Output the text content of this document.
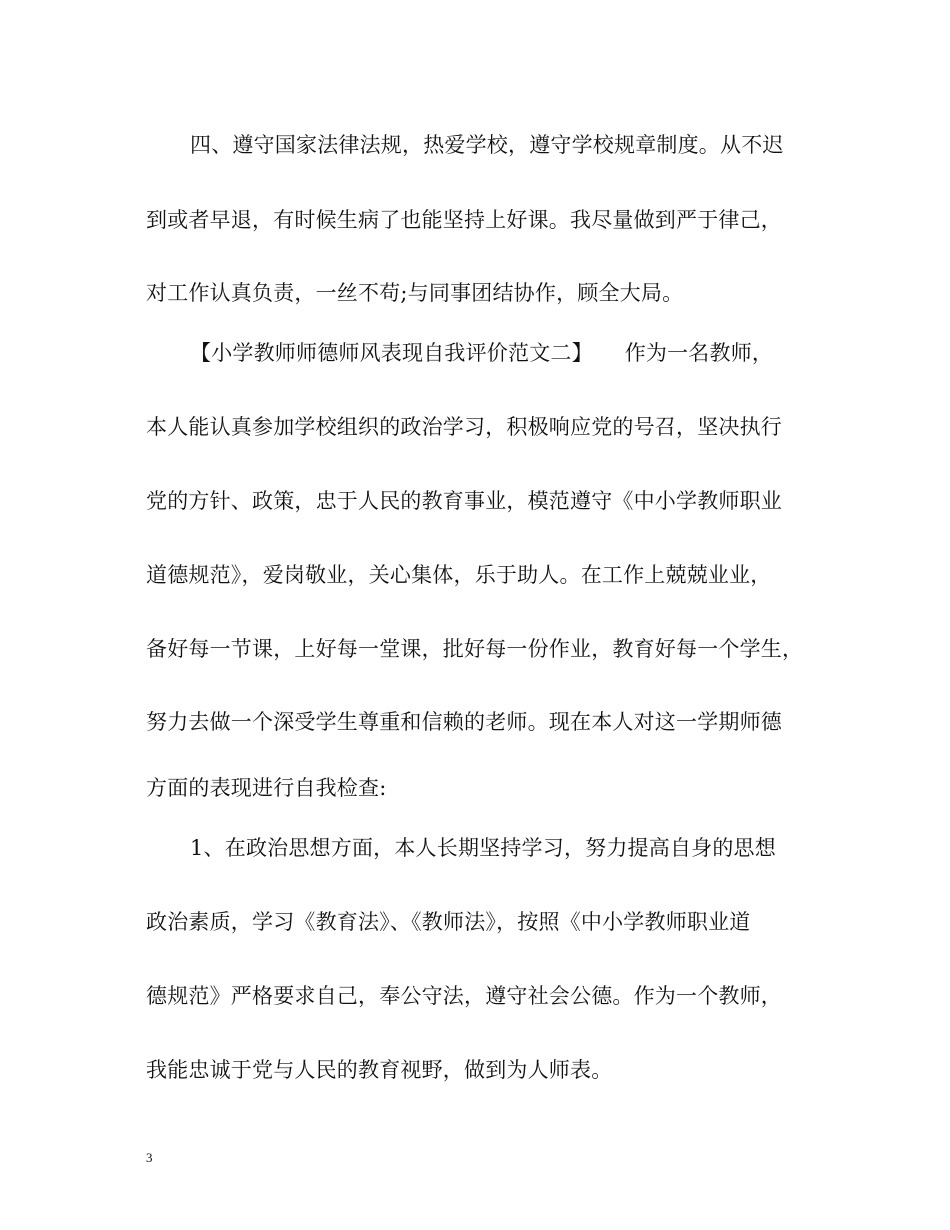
四、遵守国家法律法规，热爱学校，遵守学校规章制度。从不迟
到或者早退，有时候生病了也能坚持上好课。我尽量做到严于律己，
对工作认真负责，一丝不苟;与同事团结协作，顾全大局。
【小学教师师德师风表现自我评价范文二】　　作为一名教师，
本人能认真参加学校组织的政治学习，积极响应党的号召，坚决执行
党的方针、政策，忠于人民的教育事业，模范遵守《中小学教师职业
道德规范》，爱岗敬业，关心集体，乐于助人。在工作上兢兢业业，
备好每一节课，上好每一堂课，批好每一份作业，教育好每一个学生，
努力去做一个深受学生尊重和信赖的老师。现在本人对这一学期师德
方面的表现进行自我检查:
1、在政治思想方面，本人长期坚持学习，努力提高自身的思想
政治素质，学习《教育法》、《教师法》，按照《中小学教师职业道
德规范》严格要求自己，奉公守法，遵守社会公德。作为一个教师，
我能忠诚于党与人民的教育视野，做到为人师表。
3
